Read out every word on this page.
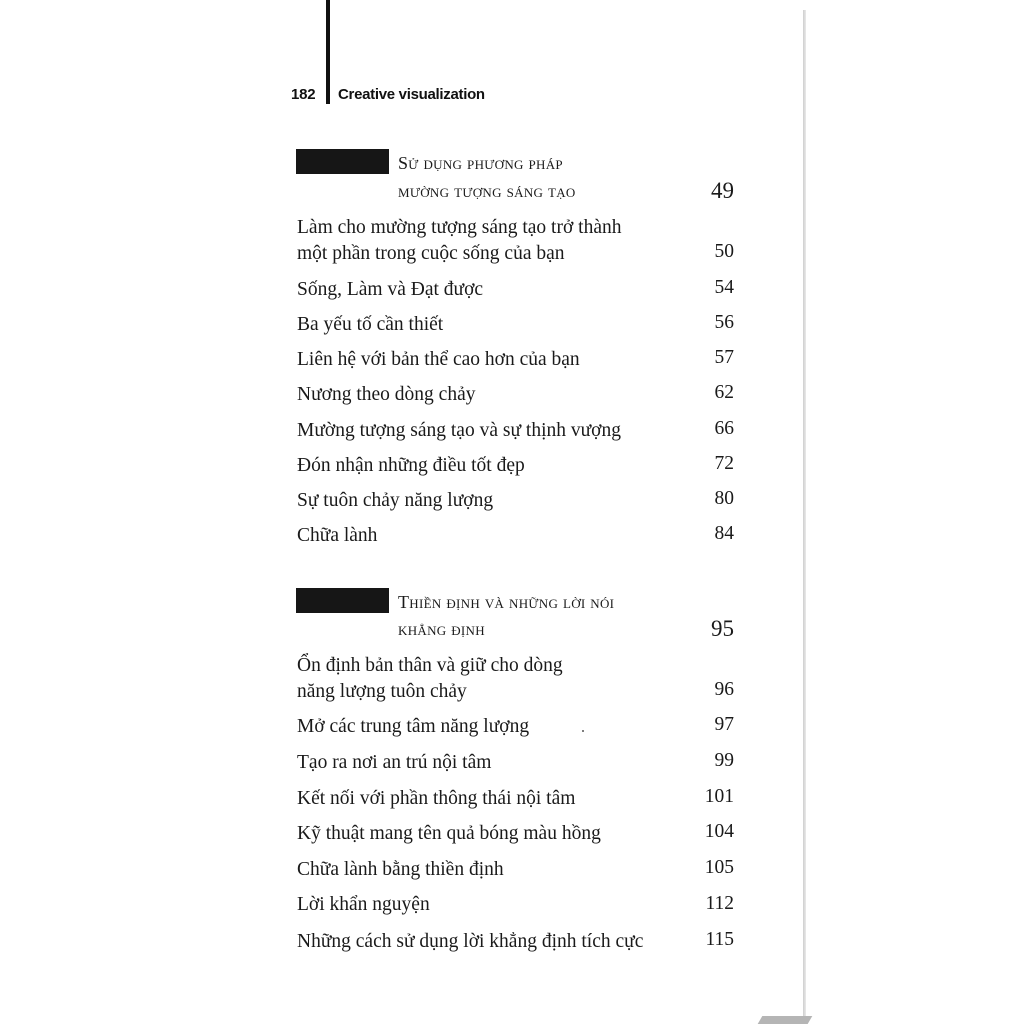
182 Creative visualization
Sử dụng phương pháp
mường tượng sáng tạo	49
Làm cho mường tượng sáng tạo trở thành
một phần trong cuộc sống của bạn	50
Sống, Làm và Đạt được	54
Ba yếu tố cần thiết	56
Liên hệ với bản thể cao hơn của bạn	57
Nương theo dòng chảy	62
Mường tượng sáng tạo và sự thịnh vượng	66
Đón nhận những điều tốt đẹp	72
Sự tuôn chảy năng lượng	80
Chữa lành	84
Thiền định và những lời nói
khẳng định	95
Ổn định bản thân và giữ cho dòng
năng lượng tuôn chảy	96
Mở các trung tâm năng lượng	97
Tạo ra nơi an trú nội tâm	99
Kết nối với phần thông thái nội tâm	101
Kỹ thuật mang tên quả bóng màu hồng	104
Chữa lành bằng thiền định	105
Lời khẩn nguyện	112
Những cách sử dụng lời khẳng định tích cực	115
